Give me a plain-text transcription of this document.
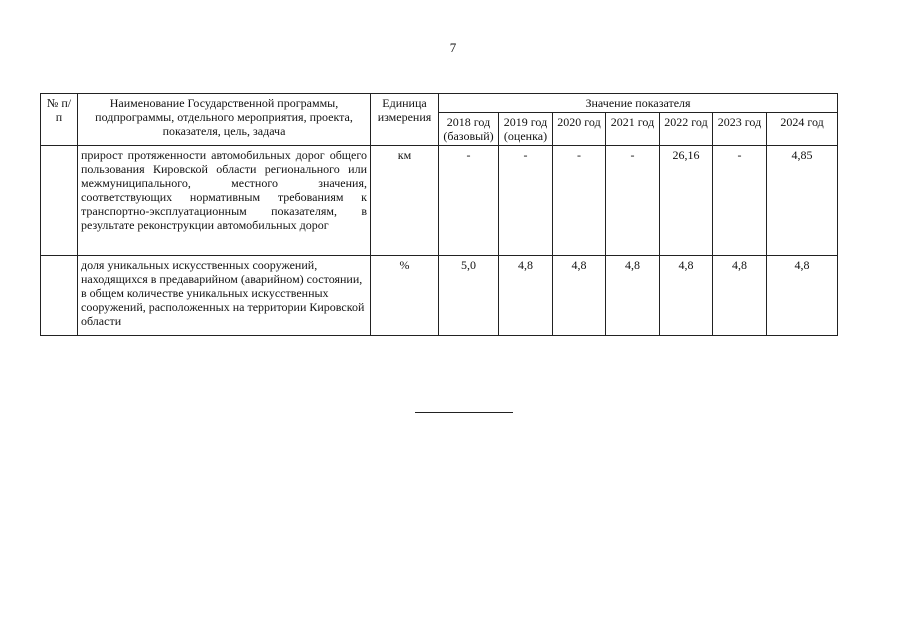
7
№ п/п	Наименование Государственной программы, подпрограммы, отдельного мероприятия, проекта, показателя, цель, задача	Единица измерения	Значение показателя						
			2018 год (базовый)	2019 год (оценка)	2020 год	2021 год	2022 год	2023 год	2024 год
	прирост протяженности автомобильных дорог общего пользования Кировской области регионального или межмуниципального, местного значения, соответствующих нормативным требованиям к транспортно-эксплуатационным показателям, в результате реконструкции автомобильных дорог	км	-	-	-	-	26,16	-	4,85
	доля уникальных искусственных сооружений, находящихся в предаварийном (аварийном) состоянии, в общем количестве уникальных искусственных сооружений, расположенных на территории Кировской области	%	5,0	4,8	4,8	4,8	4,8	4,8	4,8
